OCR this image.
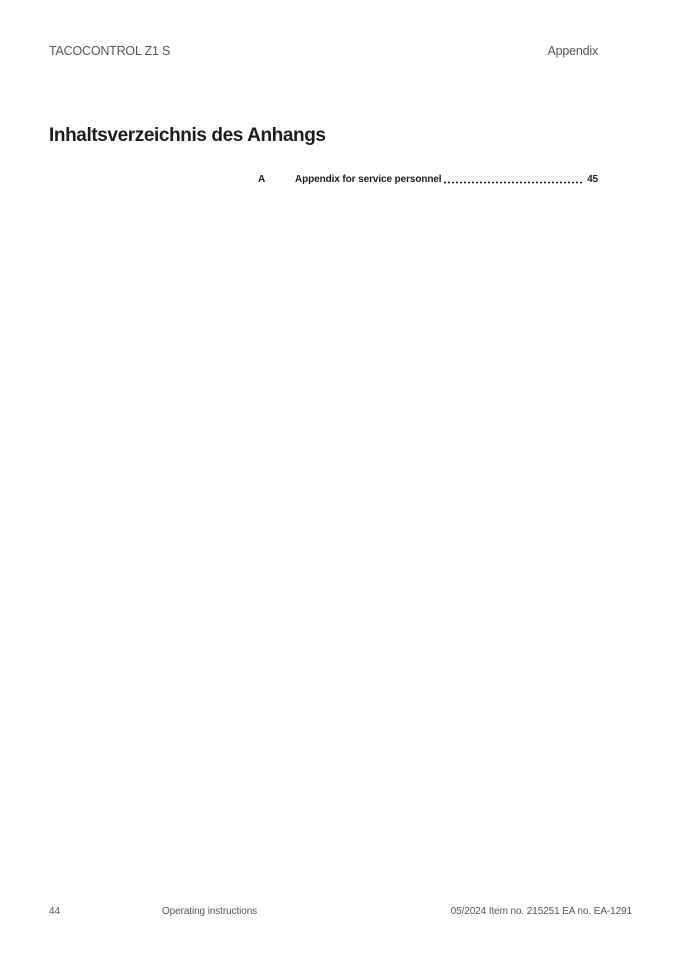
TACOCONTROL Z1 S	Appendix
Inhaltsverzeichnis des Anhangs
A	Appendix for service personnel	45
44	Operating instructions	05/2024 Item no. 215251 EA no. EA-1291
